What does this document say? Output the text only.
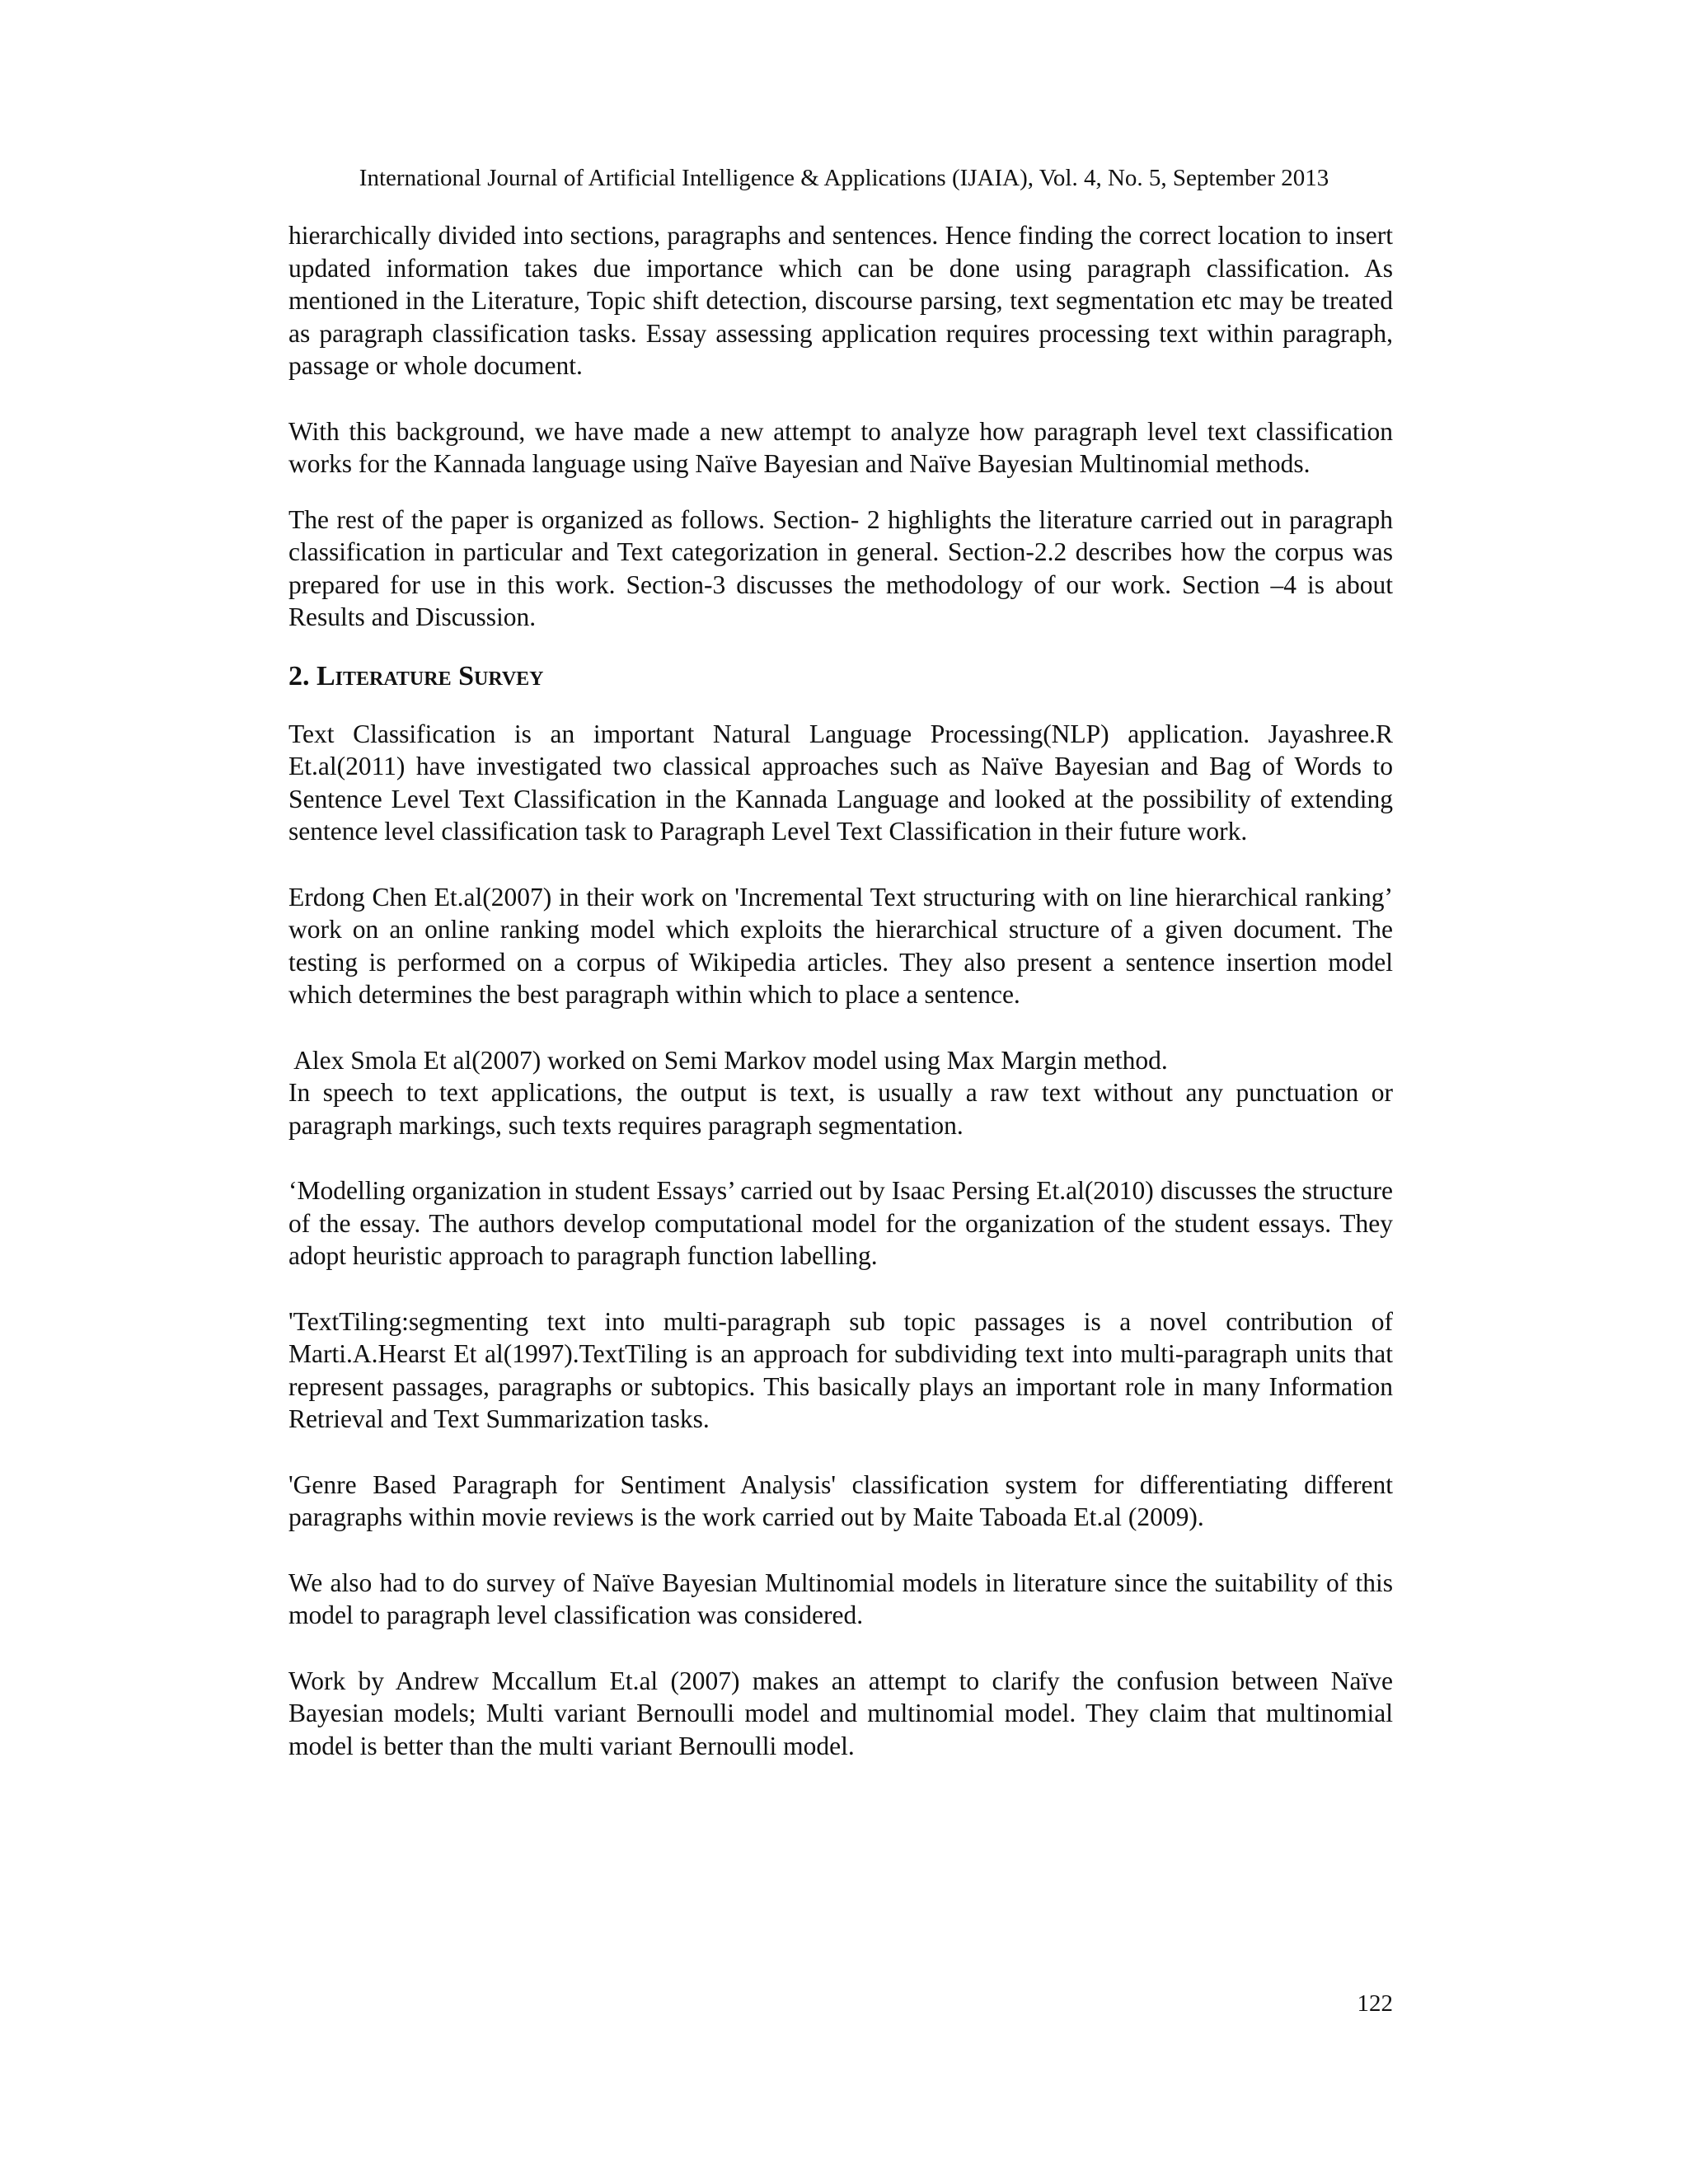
International Journal of Artificial Intelligence & Applications (IJAIA), Vol. 4, No. 5, September 2013

hierarchically divided into sections, paragraphs and sentences. Hence finding the correct location to insert updated information takes due importance which can be done using paragraph classification. As mentioned in the Literature, Topic shift detection, discourse parsing, text segmentation etc may be treated as paragraph classification tasks. Essay assessing application requires processing text within paragraph, passage or whole document.

With this background, we have made a new attempt to analyze how paragraph level text classification works for the Kannada language using Naïve Bayesian and Naïve Bayesian Multinomial methods.

The rest of the paper is organized as follows. Section- 2 highlights the literature carried out in paragraph classification in particular and Text categorization in general. Section-2.2 describes how the corpus was prepared for use in this work. Section-3 discusses the methodology of our work. Section –4 is about Results and Discussion.

2. Literature Survey

Text Classification is an important Natural Language Processing(NLP) application. Jayashree.R Et.al(2011) have investigated two classical approaches such as Naïve Bayesian and Bag of Words to Sentence Level Text Classification in the Kannada Language and looked at the possibility of extending sentence level classification task to Paragraph Level Text Classification in their future work.

Erdong Chen Et.al(2007) in their work on 'Incremental Text structuring with on line hierarchical ranking’ work on an online ranking model which exploits the hierarchical structure of a given document. The testing is performed on a corpus of Wikipedia articles. They also present a sentence insertion model which determines the best paragraph within which to place a sentence.

Alex Smola Et al(2007) worked on Semi Markov model using Max Margin method.

In speech to text applications, the output is text, is usually a raw text without any punctuation or paragraph markings, such texts requires paragraph segmentation.

‘Modelling organization in student Essays’ carried out by Isaac Persing Et.al(2010) discusses the structure of the essay. The authors develop computational model for the organization of the student essays. They adopt heuristic approach to paragraph function labelling.

'TextTiling:segmenting text into multi-paragraph sub topic passages is a novel contribution of Marti.A.Hearst Et al(1997).TextTiling is an approach for subdividing text into multi-paragraph units that represent passages, paragraphs or subtopics. This basically plays an important role in many Information Retrieval and Text Summarization tasks.

'Genre Based Paragraph for Sentiment Analysis' classification system for differentiating different paragraphs within movie reviews is the work carried out by Maite Taboada Et.al (2009).

We also had to do survey of Naïve Bayesian Multinomial models in literature since the suitability of this model to paragraph level classification was considered.

Work by Andrew Mccallum Et.al (2007) makes an attempt to clarify the confusion between Naïve Bayesian models; Multi variant Bernoulli model and multinomial model. They claim that multinomial model is better than the multi variant Bernoulli model.

122
